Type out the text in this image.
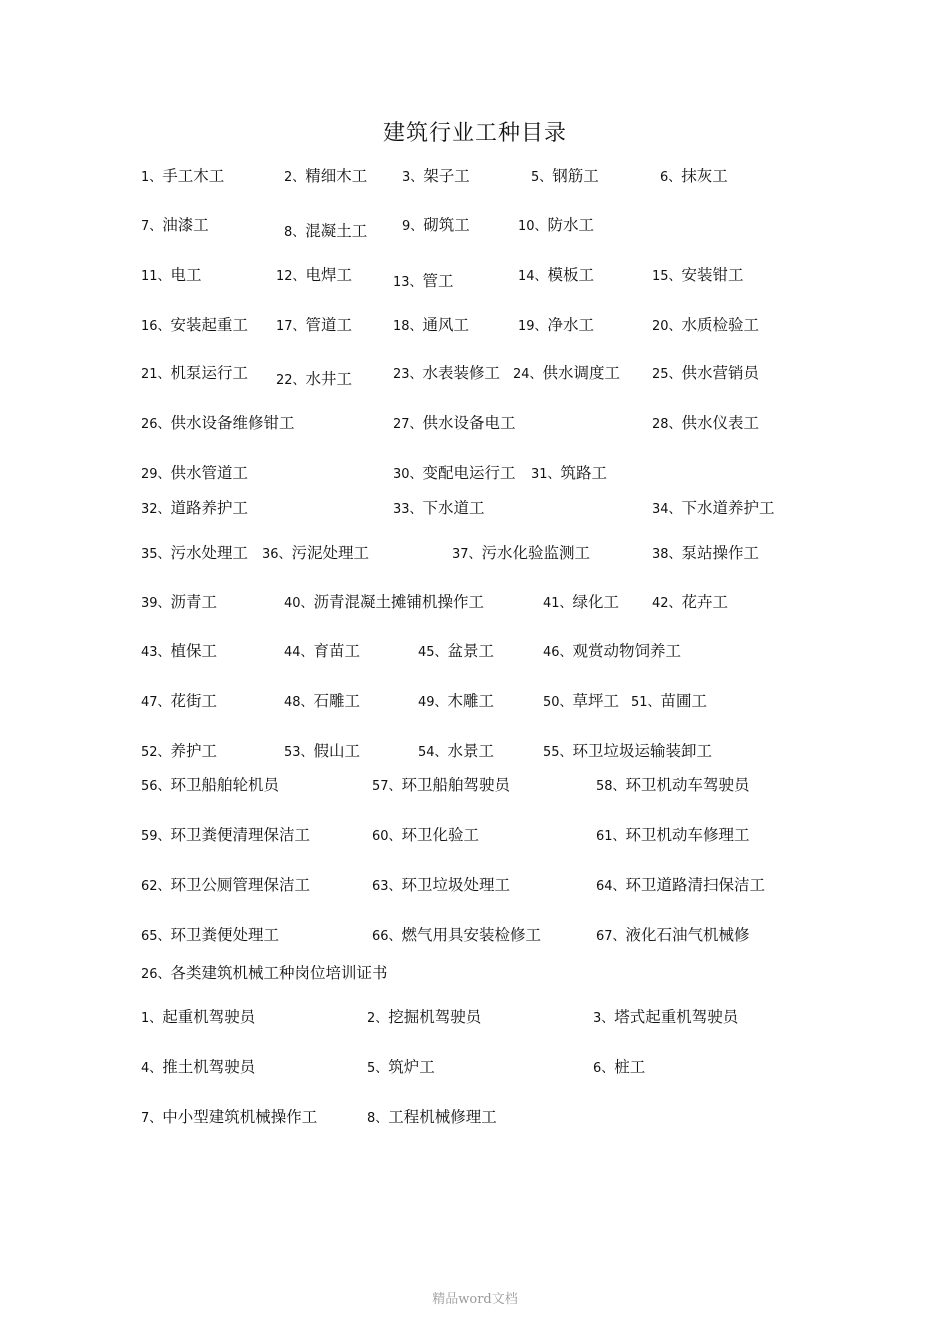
建筑行业工种目录
1、手工木工	2、精细木工	3、架子工	5、钢筋工	6、抹灰工
7、油漆工	8、混凝土工	9、砌筑工	10、防水工
11、电工	12、电焊工	13、管工	14、模板工	15、安装钳工
16、安装起重工 17、管道工	18、通风工	19、净水工	20、水质检验工
21、机泵运行工 22、水井工	23、水表装修工 24、供水调度工 25、供水营销员
26、供水设备维修钳工	27、供水设备电工	28、供水仪表工
29、供水管道工	30、变配电运行工 31、筑路工
32、道路养护工	33、下水道工	34、下水道养护工
35、污水处理工 36、污泥处理工	37、污水化验监测工	38、泵站操作工
39、沥青工	40、沥青混凝土摊铺机操作工	41、绿化工	42、花卉工
43、植保工	44、育苗工	45、盆景工	46、观赏动物饲养工
47、花街工	48、石雕工	49、木雕工	50、草坪工 51、苗圃工
52、养护工	53、假山工	54、水景工	55、环卫垃圾运输装卸工
56、环卫船舶轮机员	57、环卫船舶驾驶员	58、环卫机动车驾驶员
59、环卫粪便清理保洁工	60、环卫化验工	61、环卫机动车修理工
62、环卫公厕管理保洁工	63、环卫垃圾处理工	64、环卫道路清扫保洁工
65、环卫粪便处理工	66、燃气用具安装检修工	67、液化石油气机械修
1、起重机驾驶员	2、挖掘机驾驶员	3、塔式起重机驾驶员
4、推土机驾驶员	5、筑炉工	6、桩工
7、中小型建筑机械操作工	8、工程机械修理工
26、各类建筑机械工种岗位培训证书
精品word文档
